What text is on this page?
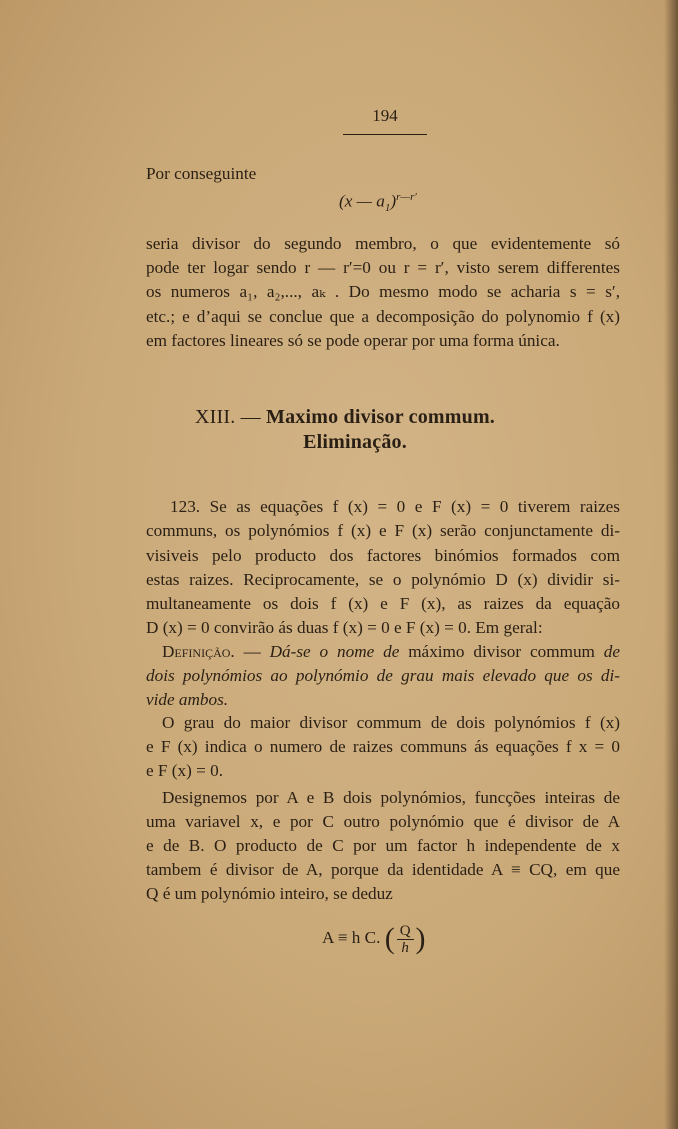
194
Por conseguinte
(x — $a_1)^{r—r'}$
seria divisor do segundo membro, o que evidentemente só
pode ter logar sendo r — r′=0 ou r = r′, visto serem differentes
os numeros a₁, a₂,..., aₖ . Do mesmo modo se acharia s = s′,
etc.; e d’aqui se conclue que a decomposição do polynomio f (x)
em factores lineares só se pode operar por uma forma única.
XIII. — Maximo divisor commum.
Eliminação.
123. Se as equações f (x) = 0 e F (x) = 0 tiverem raizes
communs, os polynómios f (x) e F (x) serão conjunctamente di-
visiveis pelo producto dos factores binómios formados com
estas raizes. Reciprocamente, se o polynómio D (x) dividir si-
multaneamente os dois f (x) e F (x), as raizes da equação
D (x) = 0 convirão ás duas f (x) = 0 e F (x) = 0. Em geral:
Definição. — Dá-se o nome de máximo divisor commum de
dois polynómios ao polynómio de grau mais elevado que os di-
vide ambos.
O grau do maior divisor commum de dois polynómios f (x)
e F (x) indica o numero de raizes communs ás equações f x = 0
e F (x) = 0.
Designemos por A e B dois polynómios, funcções inteiras de
uma variavel x, e por C outro polynómio que é divisor de A
e de B. O producto de C por um factor h independente de x
tambem é divisor de A, porque da identidade A ≡ CQ, em que
Q é um polynómio inteiro, se deduz
A ≡ h C. ( $\frac{Q}{h}$ )
